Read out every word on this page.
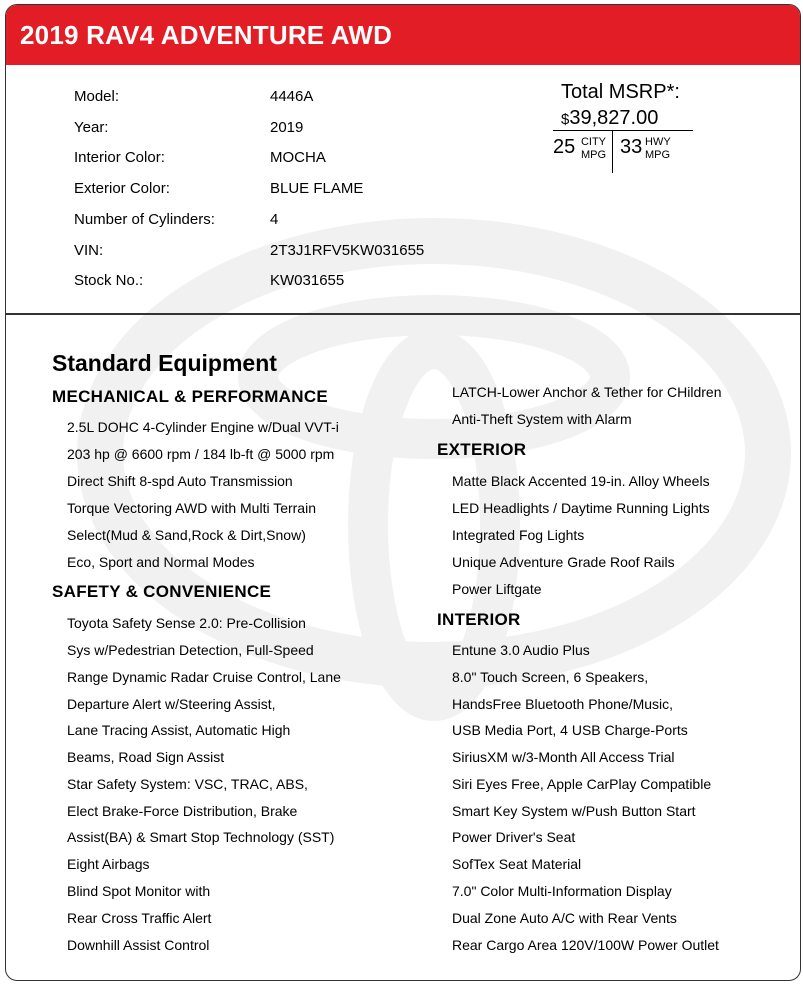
2019 RAV4 ADVENTURE AWD
Model:	4446A
Year:	2019
Interior Color:	MOCHA
Exterior Color:	BLUE FLAME
Number of Cylinders:	4
VIN:	2T3J1RFV5KW031655
Stock No.:	KW031655
Total MSRP*:
$39,827.00
25 CITY
MPG 33 HWY
MPG
Standard Equipment
MECHANICAL & PERFORMANCE
2.5L DOHC 4-Cylinder Engine w/Dual VVT-i
203 hp @ 6600 rpm / 184 lb-ft @ 5000 rpm
Direct Shift 8-spd Auto Transmission
Torque Vectoring AWD with Multi Terrain
Select(Mud & Sand,Rock & Dirt,Snow)
Eco, Sport and Normal Modes
SAFETY & CONVENIENCE
Toyota Safety Sense 2.0: Pre-Collision
Sys w/Pedestrian Detection, Full-Speed
Range Dynamic Radar Cruise Control, Lane
Departure Alert w/Steering Assist,
Lane Tracing Assist, Automatic High
Beams, Road Sign Assist
Star Safety System: VSC, TRAC, ABS,
Elect Brake-Force Distribution, Brake
Assist(BA) & Smart Stop Technology (SST)
Eight Airbags
Blind Spot Monitor with
Rear Cross Traffic Alert
Downhill Assist Control
LATCH-Lower Anchor & Tether for CHildren
Anti-Theft System with Alarm
EXTERIOR
Matte Black Accented 19-in. Alloy Wheels
LED Headlights / Daytime Running Lights
Integrated Fog Lights
Unique Adventure Grade Roof Rails
Power Liftgate
INTERIOR
Entune 3.0 Audio Plus
8.0" Touch Screen, 6 Speakers,
HandsFree Bluetooth Phone/Music,
USB Media Port, 4 USB Charge-Ports
SiriusXM w/3-Month All Access Trial
Siri Eyes Free, Apple CarPlay Compatible
Smart Key System w/Push Button Start
Power Driver's Seat
SofTex Seat Material
7.0" Color Multi-Information Display
Dual Zone Auto A/C with Rear Vents
Rear Cargo Area 120V/100W Power Outlet
